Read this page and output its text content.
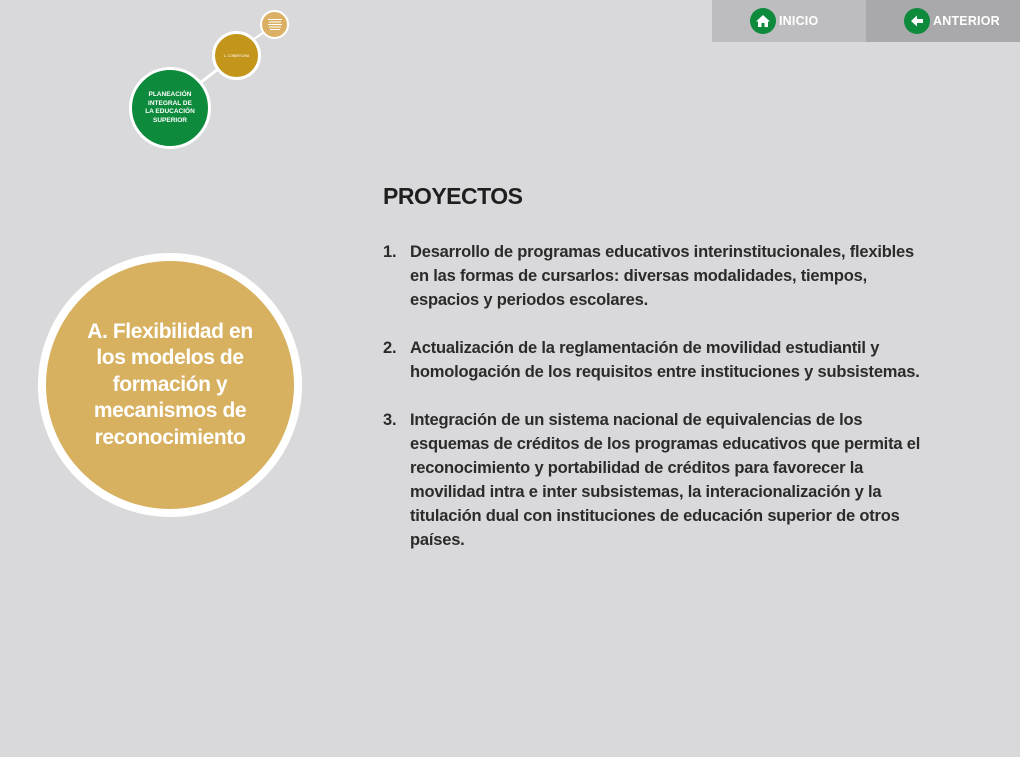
INICIO	ANTERIOR
PLANEACIÓN INTEGRAL DE LA EDUCACIÓN SUPERIOR
1. COBERTURA
A. Flexibilidad en los modelos de formación y mecanismos de reconocimiento
PROYECTOS
1. Desarrollo de programas educativos interinstitucionales, flexibles en las formas de cursarlos: diversas modalidades, tiempos, espacios y periodos escolares.
2. Actualización de la reglamentación de movilidad estudiantil y homologación de los requisitos entre instituciones y subsistemas.
3. Integración de un sistema nacional de equivalencias de los esquemas de créditos de los programas educativos que permita el reconocimiento y portabilidad de créditos para favorecer la movilidad intra e inter subsistemas, la interacionalización y la titulación dual con instituciones de educación superior de otros países.
